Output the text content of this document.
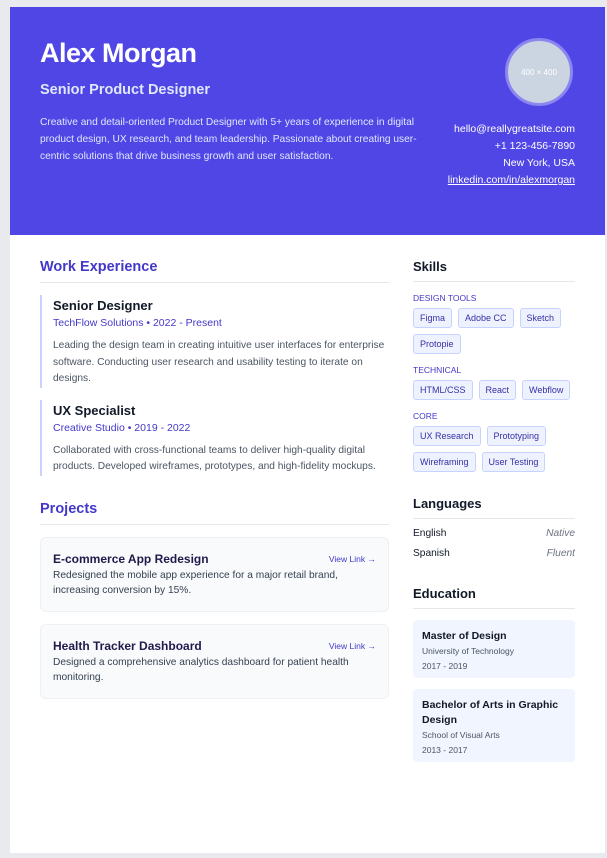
Alex Morgan
Senior Product Designer
Creative and detail-oriented Product Designer with 5+ years of experience in digital product design, UX research, and team leadership. Passionate about creating user-centric solutions that drive business growth and user satisfaction.
400 × 400
hello@reallygreatsite.com
+1 123-456-7890
New York, USA
linkedin.com/in/alexmorgan
Work Experience
Senior Designer
TechFlow Solutions • 2022 - Present
Leading the design team in creating intuitive user interfaces for enterprise software. Conducting user research and usability testing to iterate on designs.
UX Specialist
Creative Studio • 2019 - 2022
Collaborated with cross-functional teams to deliver high-quality digital products. Developed wireframes, prototypes, and high-fidelity mockups.
Projects
E-commerce App Redesign	View Link →
Redesigned the mobile app experience for a major retail brand, increasing conversion by 15%.
Health Tracker Dashboard	View Link →
Designed a comprehensive analytics dashboard for patient health monitoring.
Skills
DESIGN TOOLS
Figma	Adobe CC	Sketch
Protopie
TECHNICAL
HTML/CSS	React	Webflow
CORE
UX Research	Prototyping
Wireframing	User Testing
Languages
English	Native
Spanish	Fluent
Education
Master of Design
University of Technology
2017 - 2019
Bachelor of Arts in Graphic Design
School of Visual Arts
2013 - 2017
